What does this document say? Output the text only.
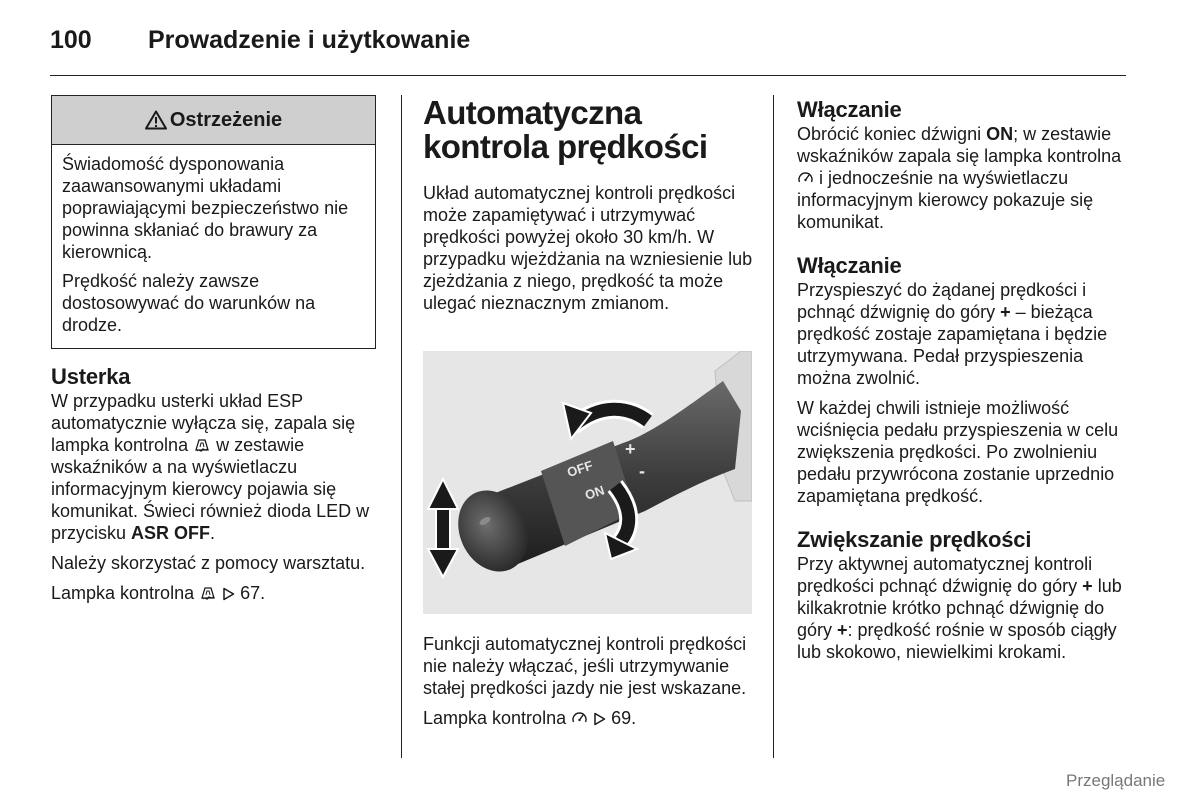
100 Prowadzenie i użytkowanie
Ostrzeżenie

Świadomość dysponowania zaawansowanymi układami poprawiającymi bezpieczeństwo nie powinna skłaniać do brawury za kierownicą.

Prędkość należy zawsze dostosowywać do warunków na drodze.

Usterka

W przypadku usterki układ ESP automatycznie wyłącza się, zapala się lampka kontrolna  w zestawie wskaźników a na wyświetlaczu informacyjnym kierowcy pojawia się komunikat. Świeci również dioda LED w przycisku ASR OFF.

Należy skorzystać z pomocy warsztatu.

Lampka kontrolna   67.

Automatyczna kontrola prędkości

Układ automatycznej kontroli prędkości może zapamiętywać i utrzymywać prędkości powyżej około 30 km/h. W przypadku wjeżdżania na wzniesienie lub zjeżdżania z niego, prędkość ta może ulegać nieznacznym zmianom.

OFF
ON
+
-

Funkcji automatycznej kontroli prędkości nie należy włączać, jeśli utrzymywanie stałej prędkości jazdy nie jest wskazane.

Lampka kontrolna   69.

Włączanie

Obrócić koniec dźwigni ON; w zestawie wskaźników zapala się lampka kontrolna  i jednocześnie na wyświetlaczu informacyjnym kierowcy pokazuje się komunikat.

Włączanie

Przyspieszyć do żądanej prędkości i pchnąć dźwignię do góry + – bieżąca prędkość zostaje zapamiętana i będzie utrzymywana. Pedał przyspieszenia można zwolnić.

W każdej chwili istnieje możliwość wciśnięcia pedału przyspieszenia w celu zwiększenia prędkości. Po zwolnieniu pedału przywrócona zostanie uprzednio zapamiętana prędkość.

Zwiększanie prędkości

Przy aktywnej automatycznej kontroli prędkości pchnąć dźwignię do góry + lub kilkakrotnie krótko pchnąć dźwignię do góry +: prędkość rośnie w sposób ciągły lub skokowo, niewielkimi krokami.

Przeglądanie
